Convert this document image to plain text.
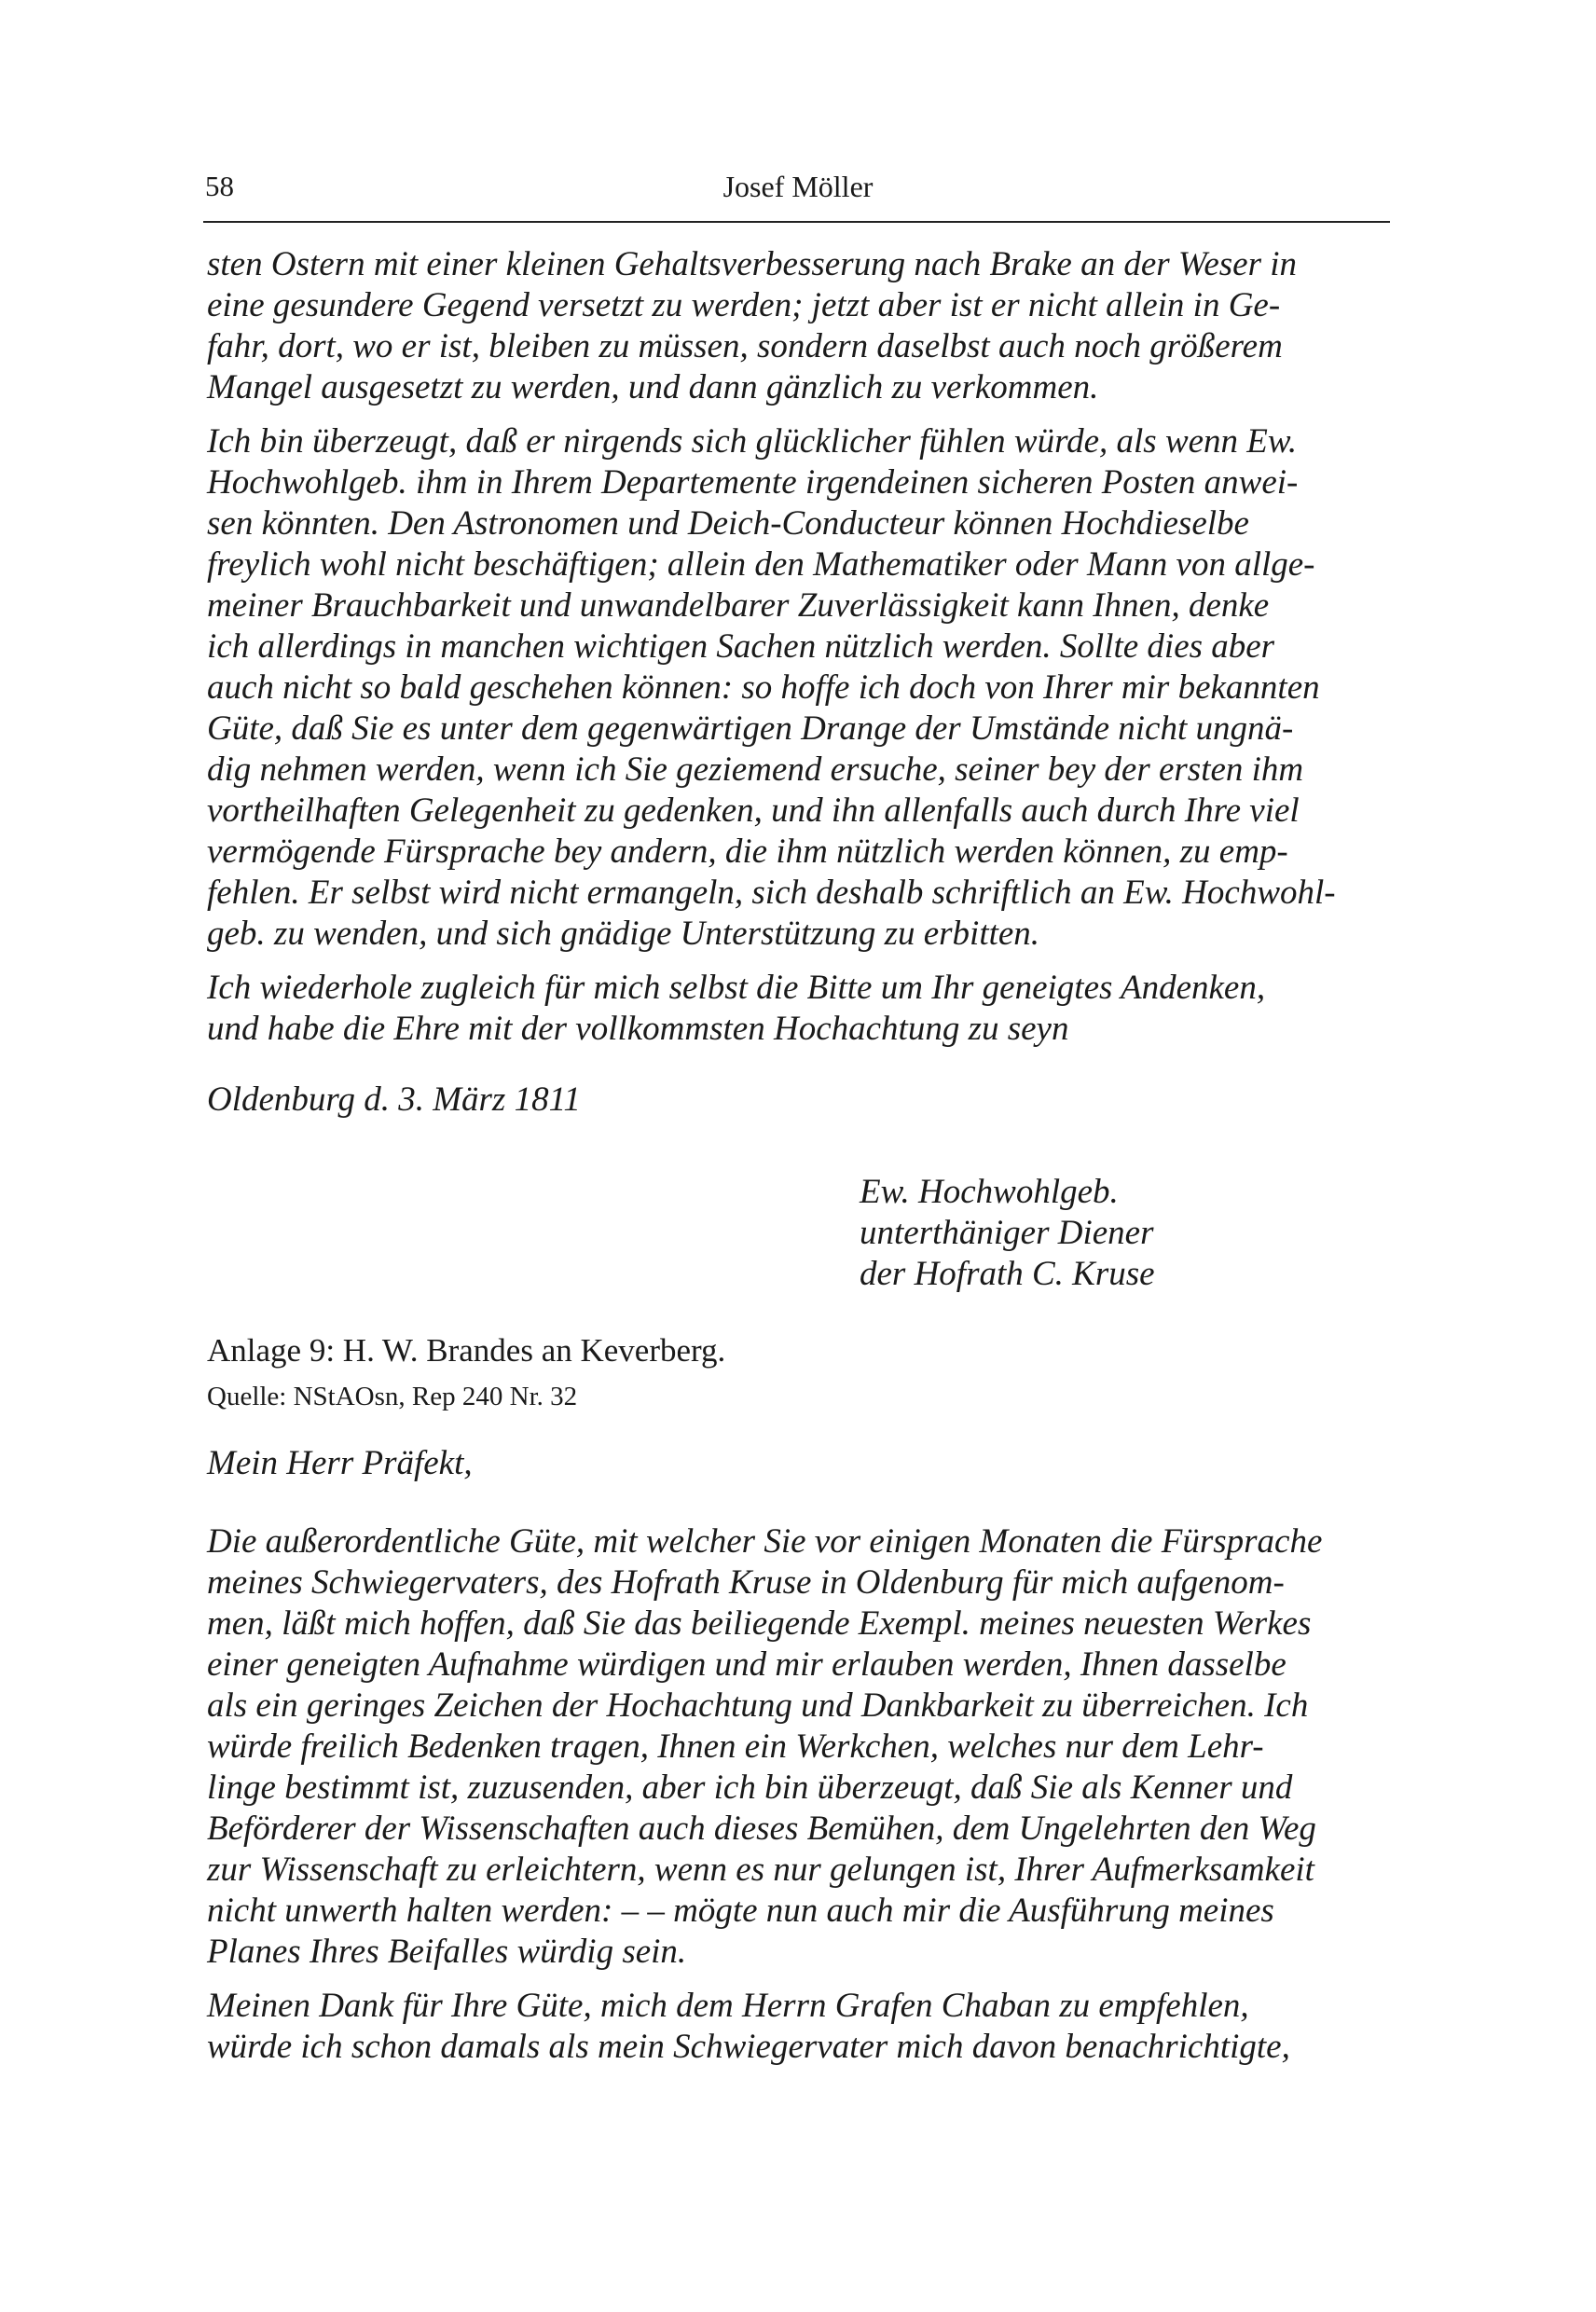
58	Josef Möller

sten Ostern mit einer kleinen Gehaltsverbesserung nach Brake an der Weser in
eine gesundere Gegend versetzt zu werden; jetzt aber ist er nicht allein in Ge-
fahr, dort, wo er ist, bleiben zu müssen, sondern daselbst auch noch größerem
Mangel ausgesetzt zu werden, und dann gänzlich zu verkommen.

Ich bin überzeugt, daß er nirgends sich glücklicher fühlen würde, als wenn Ew.
Hochwohlgeb. ihm in Ihrem Departemente irgendeinen sicheren Posten anwei-
sen könnten. Den Astronomen und Deich-Conducteur können Hochdieselbe
freylich wohl nicht beschäftigen; allein den Mathematiker oder Mann von allge-
meiner Brauchbarkeit und unwandelbarer Zuverlässigkeit kann Ihnen, denke
ich allerdings in manchen wichtigen Sachen nützlich werden. Sollte dies aber
auch nicht so bald geschehen können: so hoffe ich doch von Ihrer mir bekannten
Güte, daß Sie es unter dem gegenwärtigen Drange der Umstände nicht ungnä-
dig nehmen werden, wenn ich Sie geziemend ersuche, seiner bey der ersten ihm
vortheilhaften Gelegenheit zu gedenken, und ihn allenfalls auch durch Ihre viel
vermögende Fürsprache bey andern, die ihm nützlich werden können, zu emp-
fehlen. Er selbst wird nicht ermangeln, sich deshalb schriftlich an Ew. Hochwohl-
geb. zu wenden, und sich gnädige Unterstützung zu erbitten.

Ich wiederhole zugleich für mich selbst die Bitte um Ihr geneigtes Andenken,
und habe die Ehre mit der vollkommsten Hochachtung zu seyn

Oldenburg d. 3. März 1811
Ew. Hochwohlgeb.
unterthäniger Diener
der Hofrath C. Kruse
Anlage 9: H. W. Brandes an Keverberg.
Quelle: NStAOsn, Rep 240 Nr. 32

Mein Herr Präfekt,

Die außerordentliche Güte, mit welcher Sie vor einigen Monaten die Fürsprache
meines Schwiegervaters, des Hofrath Kruse in Oldenburg für mich aufgenom-
men, läßt mich hoffen, daß Sie das beiliegende Exempl. meines neuesten Werkes
einer geneigten Aufnahme würdigen und mir erlauben werden, Ihnen dasselbe
als ein geringes Zeichen der Hochachtung und Dankbarkeit zu überreichen. Ich
würde freilich Bedenken tragen, Ihnen ein Werkchen, welches nur dem Lehr-
linge bestimmt ist, zuzusenden, aber ich bin überzeugt, daß Sie als Kenner und
Beförderer der Wissenschaften auch dieses Bemühen, dem Ungelehrten den Weg
zur Wissenschaft zu erleichtern, wenn es nur gelungen ist, Ihrer Aufmerksamkeit
nicht unwerth halten werden: – – mögte nun auch mir die Ausführung meines
Planes Ihres Beifalles würdig sein.

Meinen Dank für Ihre Güte, mich dem Herrn Grafen Chaban zu empfehlen,
würde ich schon damals als mein Schwiegervater mich davon benachrichtigte,
